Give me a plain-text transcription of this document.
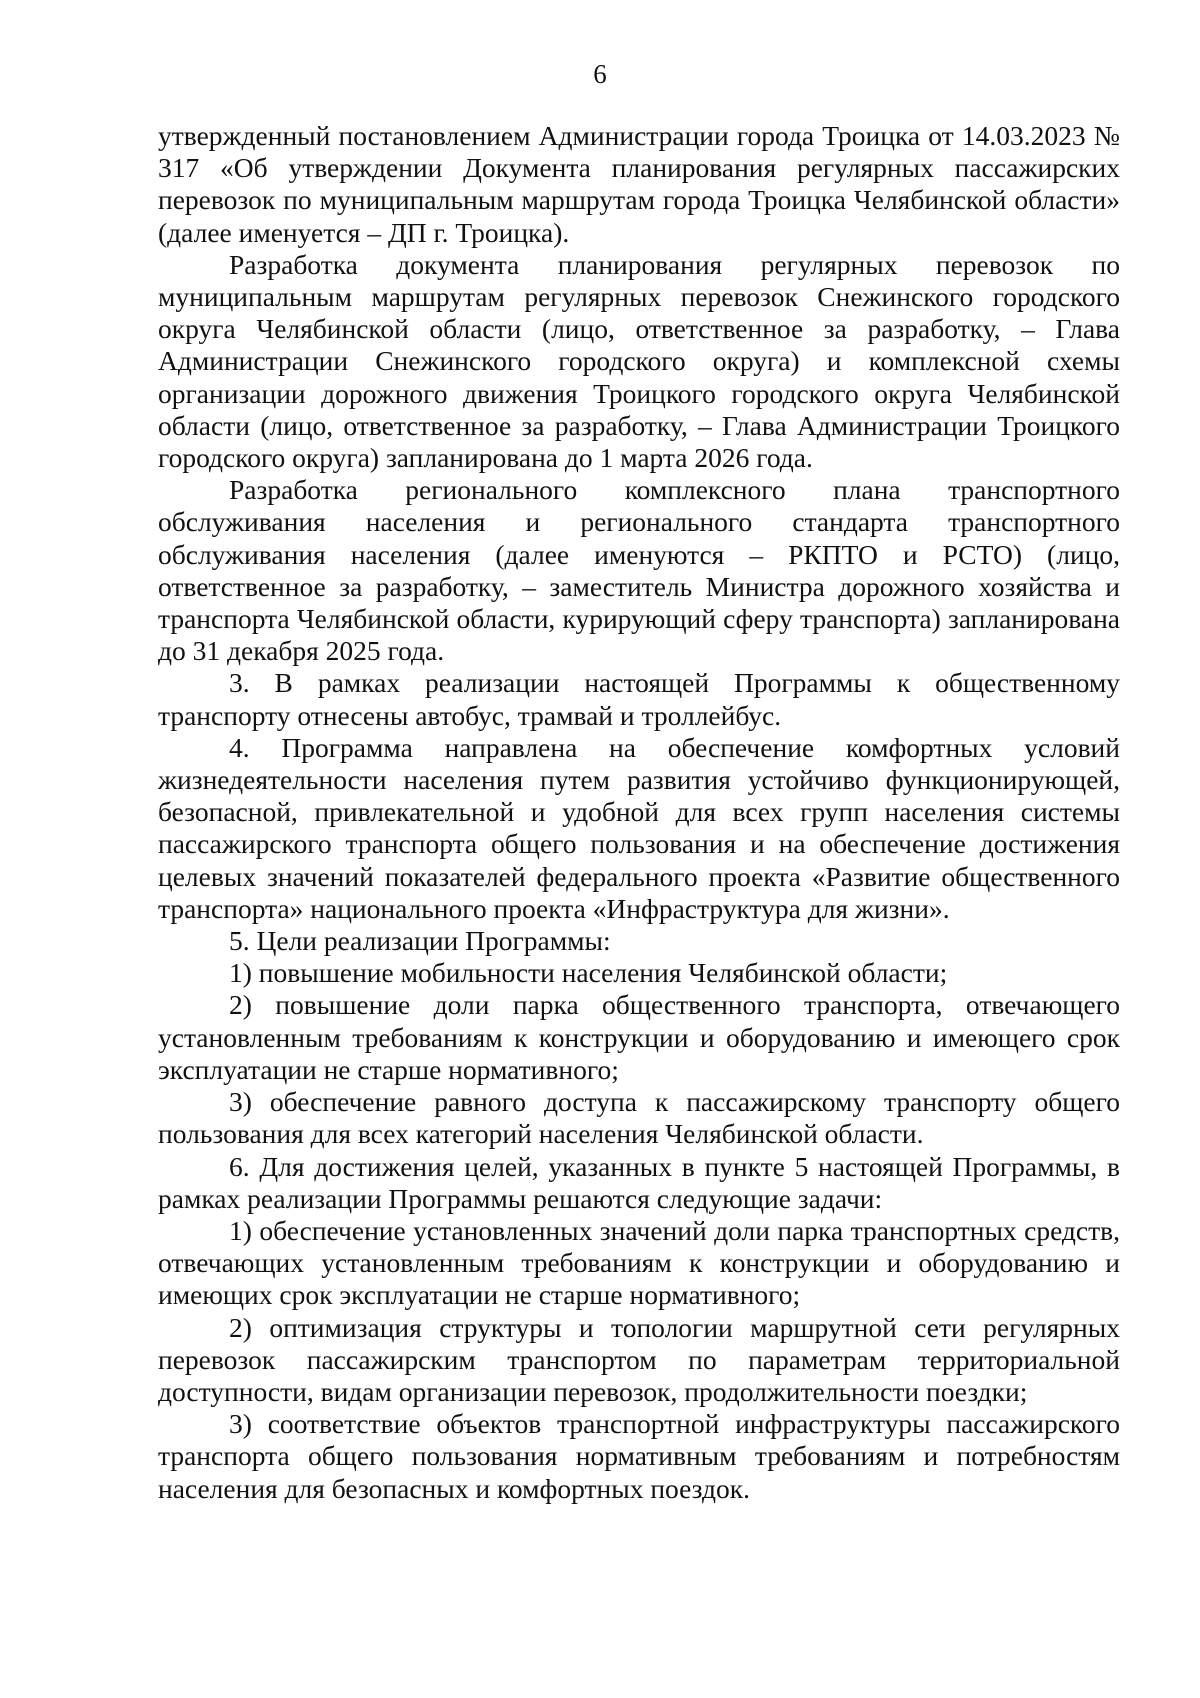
6

утвержденный постановлением Администрации города Троицка от 14.03.2023 № 317 «Об утверждении Документа планирования регулярных пассажирских перевозок по муниципальным маршрутам города Троицка Челябинской области» (далее именуется – ДП г. Троицка).

Разработка документа планирования регулярных перевозок по муниципальным маршрутам регулярных перевозок Снежинского городского округа Челябинской области (лицо, ответственное за разработку, – Глава Администрации Снежинского городского округа) и комплексной схемы организации дорожного движения Троицкого городского округа Челябинской области (лицо, ответственное за разработку, – Глава Администрации Троицкого городского округа) запланирована до 1 марта 2026 года.

Разработка регионального комплексного плана транспортного обслуживания населения и регионального стандарта транспортного обслуживания населения (далее именуются – РКПТО и РСТО) (лицо, ответственное за разработку, – заместитель Министра дорожного хозяйства и транспорта Челябинской области, курирующий сферу транспорта) запланирована до 31 декабря 2025 года.

3. В рамках реализации настоящей Программы к общественному транспорту отнесены автобус, трамвай и троллейбус.

4. Программа направлена на обеспечение комфортных условий жизнедеятельности населения путем развития устойчиво функционирующей, безопасной, привлекательной и удобной для всех групп населения системы пассажирского транспорта общего пользования и на обеспечение достижения целевых значений показателей федерального проекта «Развитие общественного транспорта» национального проекта «Инфраструктура для жизни».

5. Цели реализации Программы:

1) повышение мобильности населения Челябинской области;

2) повышение доли парка общественного транспорта, отвечающего установленным требованиям к конструкции и оборудованию и имеющего срок эксплуатации не старше нормативного;

3) обеспечение равного доступа к пассажирскому транспорту общего пользования для всех категорий населения Челябинской области.

6. Для достижения целей, указанных в пункте 5 настоящей Программы, в рамках реализации Программы решаются следующие задачи:

1) обеспечение установленных значений доли парка транспортных средств, отвечающих установленным требованиям к конструкции и оборудованию и имеющих срок эксплуатации не старше нормативного;

2) оптимизация структуры и топологии маршрутной сети регулярных перевозок пассажирским транспортом по параметрам территориальной доступности, видам организации перевозок, продолжительности поездки;

3) соответствие объектов транспортной инфраструктуры пассажирского транспорта общего пользования нормативным требованиям и потребностям населения для безопасных и комфортных поездок.
